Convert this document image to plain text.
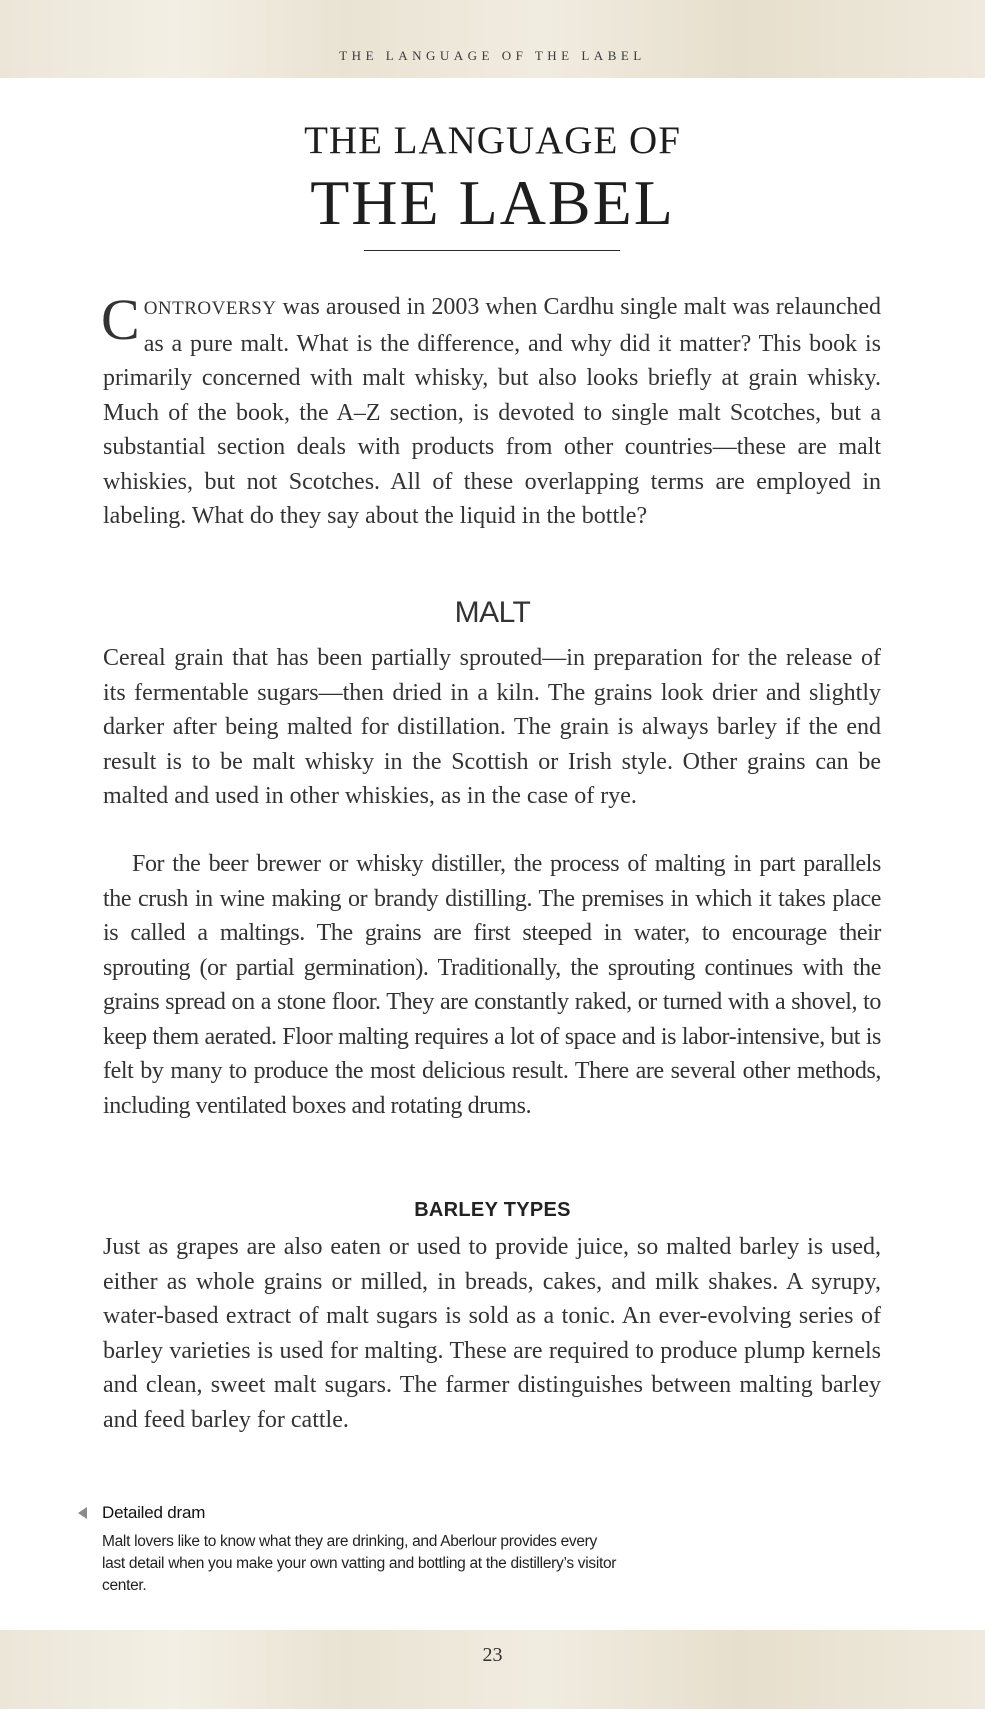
THE LANGUAGE OF THE LABEL
THE LANGUAGE OF
THE LABEL

CONTROVERSY was aroused in 2003 when Cardhu single malt was relaunched as a pure malt. What is the difference, and why did it matter? This book is primarily concerned with malt whisky, but also looks briefly at grain whisky. Much of the book, the A–Z section, is devoted to single malt Scotches, but a substantial section deals with products from other countries—these are malt whiskies, but not Scotches. All of these overlapping terms are employed in labeling. What do they say about the liquid in the bottle?

MALT

Cereal grain that has been partially sprouted—in preparation for the release of its fermentable sugars—then dried in a kiln. The grains look drier and slightly darker after being malted for distillation. The grain is always barley if the end result is to be malt whisky in the Scottish or Irish style. Other grains can be malted and used in other whiskies, as in the case of rye.

For the beer brewer or whisky distiller, the process of malting in part parallels the crush in wine making or brandy distilling. The premises in which it takes place is called a maltings. The grains are first steeped in water, to encourage their sprouting (or partial germination). Traditionally, the sprouting continues with the grains spread on a stone floor. They are constantly raked, or turned with a shovel, to keep them aerated. Floor malting requires a lot of space and is labor-intensive, but is felt by many to produce the most delicious result. There are several other methods, including ventilated boxes and rotating drums.

BARLEY TYPES

Just as grapes are also eaten or used to provide juice, so malted barley is used, either as whole grains or milled, in breads, cakes, and milk shakes. A syrupy, water-based extract of malt sugars is sold as a tonic. An ever-evolving series of barley varieties is used for malting. These are required to produce plump kernels and clean, sweet malt sugars. The farmer distinguishes between malting barley and feed barley for cattle.

Detailed dram
Malt lovers like to know what they are drinking, and Aberlour provides every last detail when you make your own vatting and bottling at the distillery’s visitor center.
23
